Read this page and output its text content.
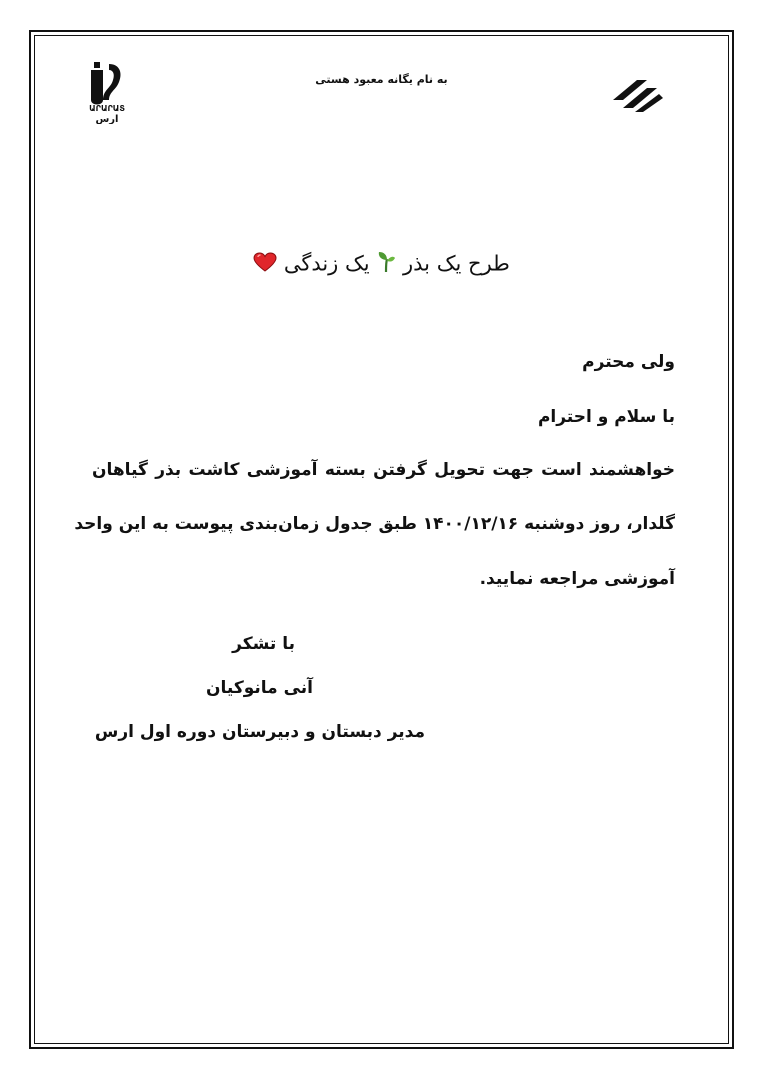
ԱՐԱՐԱՏ
ارس
به نام یگانه معبود هستی
طرح یک بذر  یک زندگی
ولی محترم
با سلام و احترام
خواهشمند است جهت تحویل گرفتن بسته آموزشی کاشت بذر گیاهان
گلدار، روز دوشنبه ۱۴۰۰/۱۲/۱۶ طبق جدول زمان‌بندی پیوست به این واحد
آموزشی مراجعه نمایید.
با تشکر
آنی مانوکیان
مدیر دبستان و دبیرستان دوره اول ارس
